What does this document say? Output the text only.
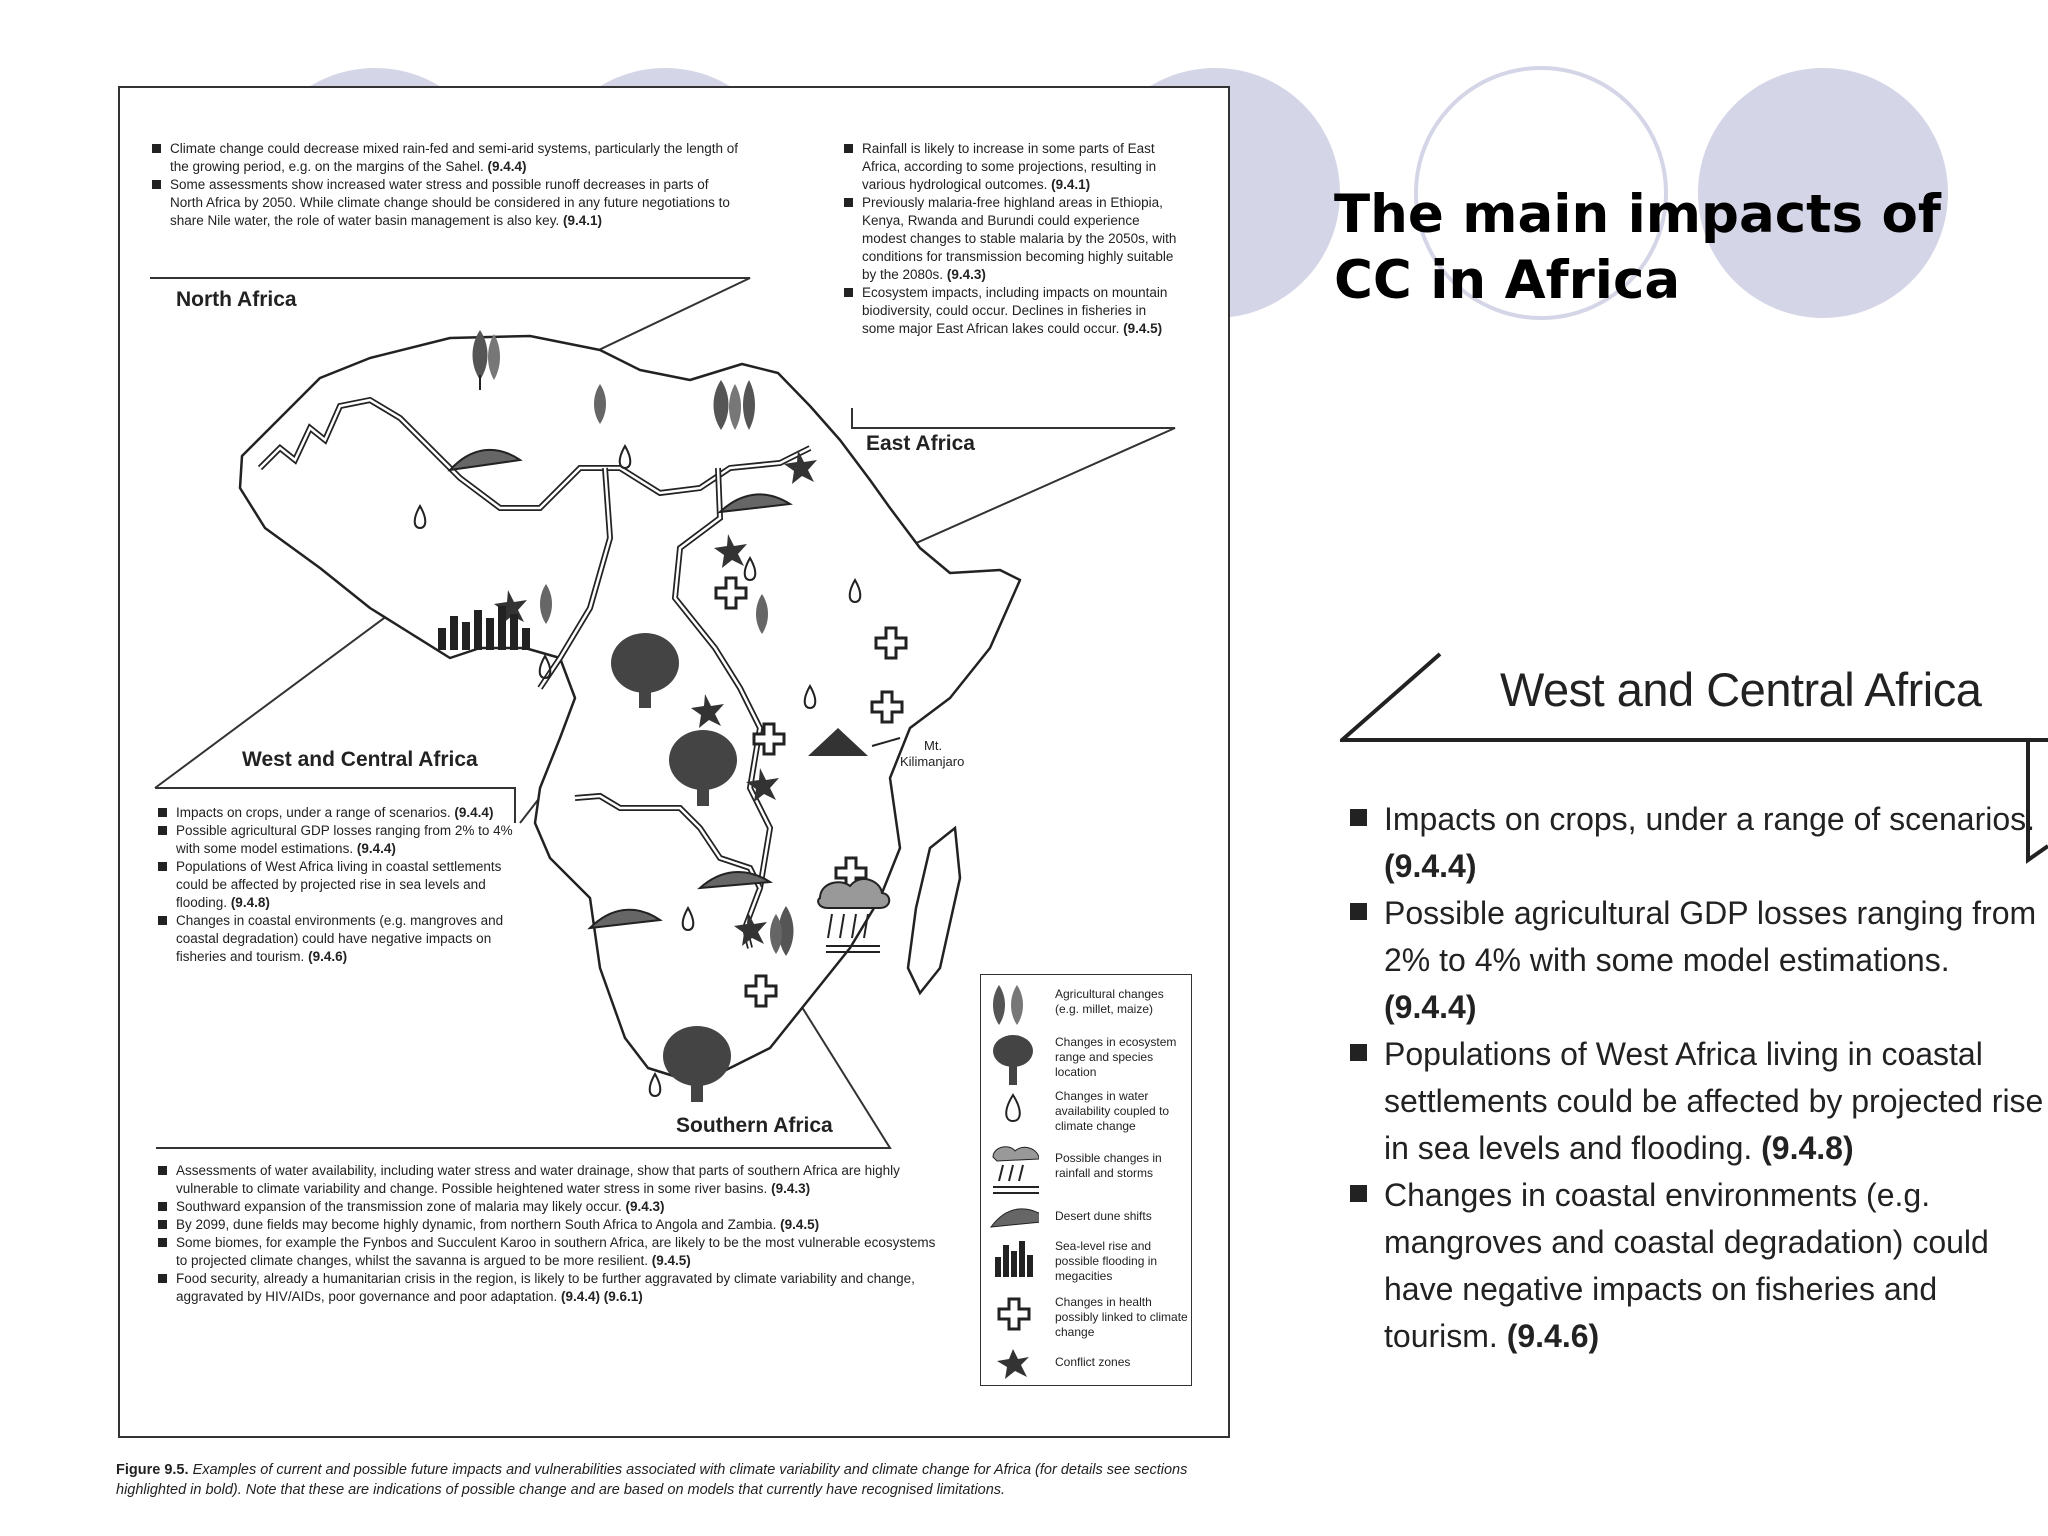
The main impacts of
CC in Africa
Climate change could decrease mixed rain-fed and semi-arid systems, particularly the length of the growing period, e.g. on the margins of the Sahel. (9.4.4)
Some assessments show increased water stress and possible runoff decreases in parts of North Africa by 2050. While climate change should be considered in any future negotiations to share Nile water, the role of water basin management is also key. (9.4.1)
North Africa
Rainfall is likely to increase in some parts of East Africa, according to some projections, resulting in various hydrological outcomes. (9.4.1)
Previously malaria-free highland areas in Ethiopia, Kenya, Rwanda and Burundi could experience modest changes to stable malaria by the 2050s, with conditions for transmission becoming highly suitable by the 2080s. (9.4.3)
Ecosystem impacts, including impacts on mountain biodiversity, could occur. Declines in fisheries in some major East African lakes could occur. (9.4.5)
East Africa
West and Central Africa
Impacts on crops, under a range of scenarios. (9.4.4)
Possible agricultural GDP losses ranging from 2% to 4% with some model estimations. (9.4.4)
Populations of West Africa living in coastal settlements could be affected by projected rise in sea levels and flooding. (9.4.8)
Changes in coastal environments (e.g. mangroves and coastal degradation) could have negative impacts on fisheries and tourism. (9.4.6)
Mt.
Kilimanjaro
Southern Africa
Assessments of water availability, including water stress and water drainage, show that parts of southern Africa are highly vulnerable to climate variability and change. Possible heightened water stress in some river basins. (9.4.3)
Southward expansion of the transmission zone of malaria may likely occur. (9.4.3)
By 2099, dune fields may become highly dynamic, from northern South Africa to Angola and Zambia. (9.4.5)
Some biomes, for example the Fynbos and Succulent Karoo in southern Africa, are likely to be the most vulnerable ecosystems to projected climate changes, whilst the savanna is argued to be more resilient. (9.4.5)
Food security, already a humanitarian crisis in the region, is likely to be further aggravated by climate variability and change, aggravated by HIV/AIDs, poor governance and poor adaptation. (9.4.4) (9.6.1)
Agricultural changes (e.g. millet, maize)
Changes in ecosystem range and species location
Changes in water availability coupled to climate change
Possible changes in rainfall and storms
Desert dune shifts
Sea-level rise and possible flooding in megacities
Changes in health possibly linked to climate change
Conflict zones
Figure 9.5. Examples of current and possible future impacts and vulnerabilities associated with climate variability and climate change for Africa (for details see sections highlighted in bold). Note that these are indications of possible change and are based on models that currently have recognised limitations.
West and Central Africa
Impacts on crops, under a range of scenarios. (9.4.4)
Possible agricultural GDP losses ranging from 2% to 4% with some model estimations. (9.4.4)
Populations of West Africa living in coastal settlements could be affected by projected rise in sea levels and flooding. (9.4.8)
Changes in coastal environments (e.g. mangroves and coastal degradation) could have negative impacts on fisheries and tourism. (9.4.6)
